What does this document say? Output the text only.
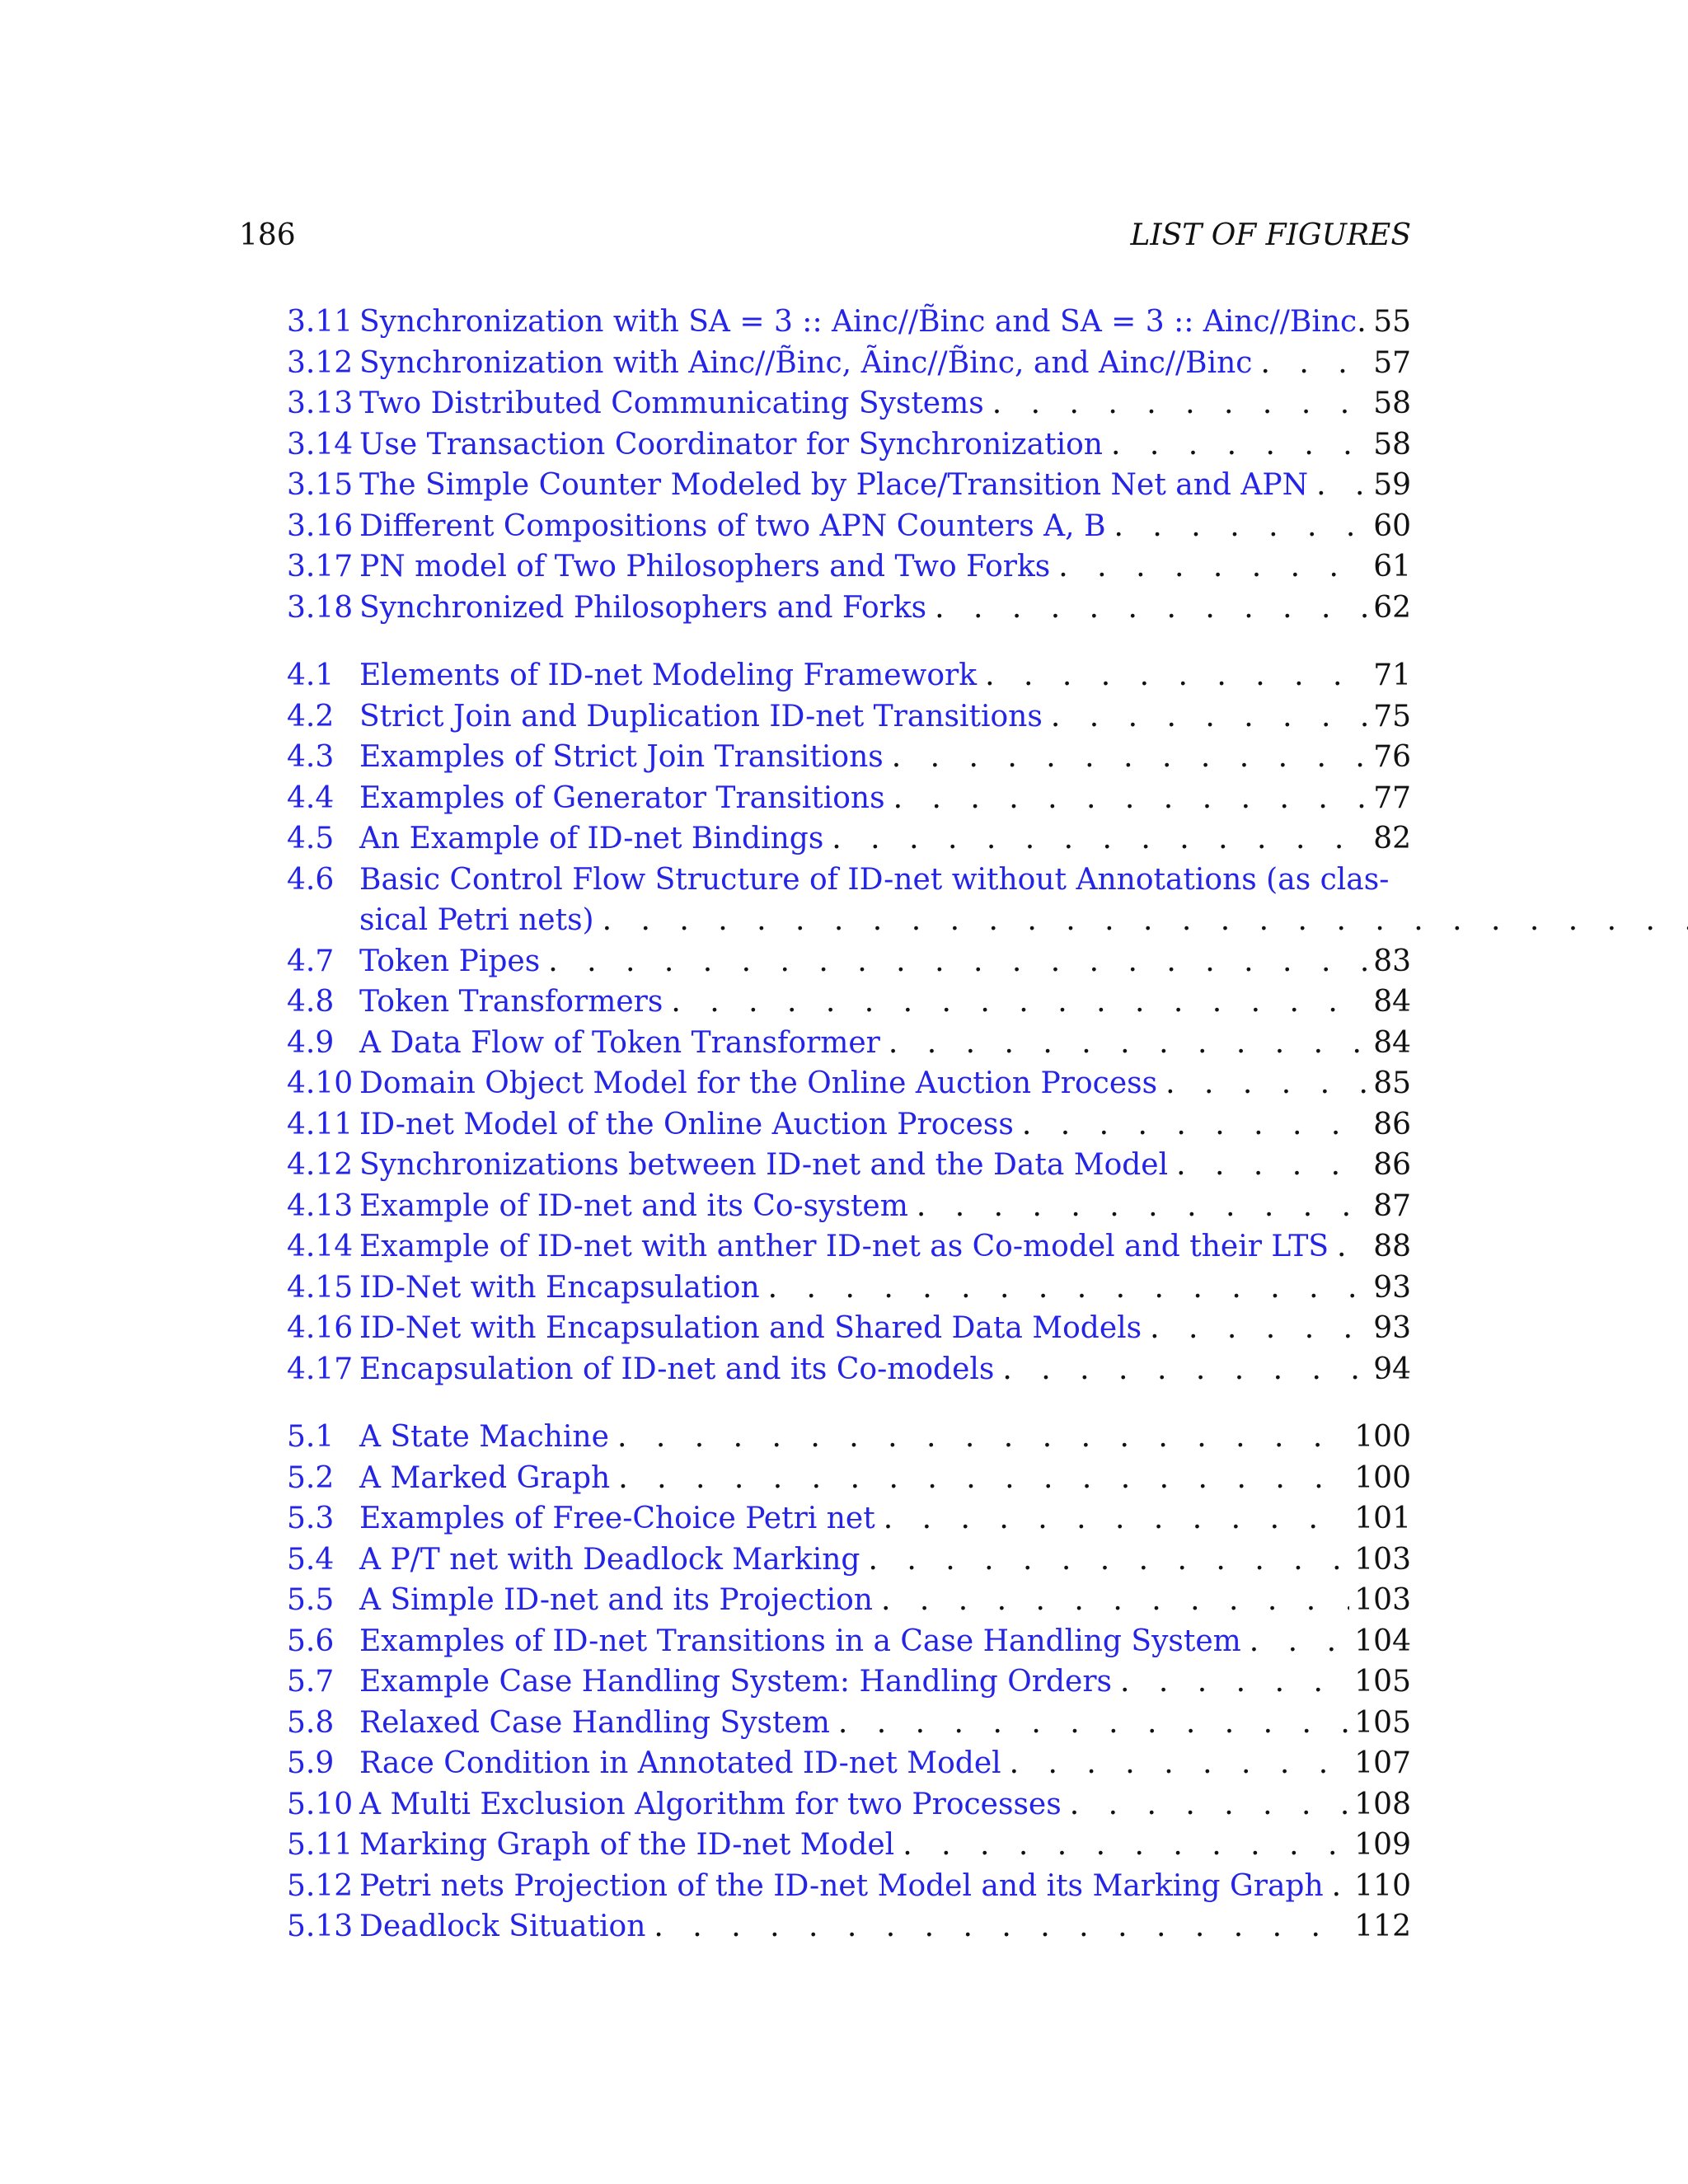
186	LIST OF FIGURES
3.11 Synchronization with SA = 3 :: Ainc//B̃inc and SA = 3 :: Ainc//Binc . . . 55
3.12 Synchronization with Ainc//B̃inc, Ãinc//B̃inc, and Ainc//Binc . . .	57
3.13 Two Distributed Communicating Systems . . .	58
3.14 Use Transaction Coordinator for Synchronization . . .	58
3.15 The Simple Counter Modeled by Place/Transition Net and APN . . . 59
3.16 Different Compositions of two APN Counters A, B . . .	60
3.17 PN model of Two Philosophers and Two Forks . . .	61
3.18 Synchronized Philosophers and Forks . . .	62
4.1 Elements of ID-net Modeling Framework . . .	71
4.2 Strict Join and Duplication ID-net Transitions . . .	75
4.3 Examples of Strict Join Transitions . . .	76
4.4 Examples of Generator Transitions . . .	77
4.5 An Example of ID-net Bindings . . .	82
4.6 Basic Control Flow Structure of ID-net without Annotations (as clas-
sical Petri nets)
. . .
4.7 Token Pipes . . .	83
4.8 Token Transformers . . .	84
4.9 A Data Flow of Token Transformer . . .	84
4.10 Domain Object Model for the Online Auction Process . . .	85
4.11 ID-net Model of the Online Auction Process . . .	86
4.12 Synchronizations between ID-net and the Data Model . . .	86
4.13 Example of ID-net and its Co-system . . .	87
4.14 Example of ID-net with anther ID-net as Co-model and their LTS . . . 88
4.15 ID-Net with Encapsulation . . .	93
4.16 ID-Net with Encapsulation and Shared Data Models . . .	93
4.17 Encapsulation of ID-net and its Co-models . . .	94
5.1 A State Machine . . .	100
5.2 A Marked Graph . . .	100
5.3 Examples of Free-Choice Petri net . . .	101
5.4 A P/T net with Deadlock Marking . . .	103
5.5 A Simple ID-net and its Projection . . .	103
5.6 Examples of ID-net Transitions in a Case Handling System . . .	104
5.7 Example Case Handling System: Handling Orders . . .	105
5.8 Relaxed Case Handling System . . .	105
5.9 Race Condition in Annotated ID-net Model . . .	107
5.10 A Multi Exclusion Algorithm for two Processes . . .	108
5.11 Marking Graph of the ID-net Model . . .	109
5.12 Petri nets Projection of the ID-net Model and its Marking Graph . . . 110
5.13 Deadlock Situation . . .	112
